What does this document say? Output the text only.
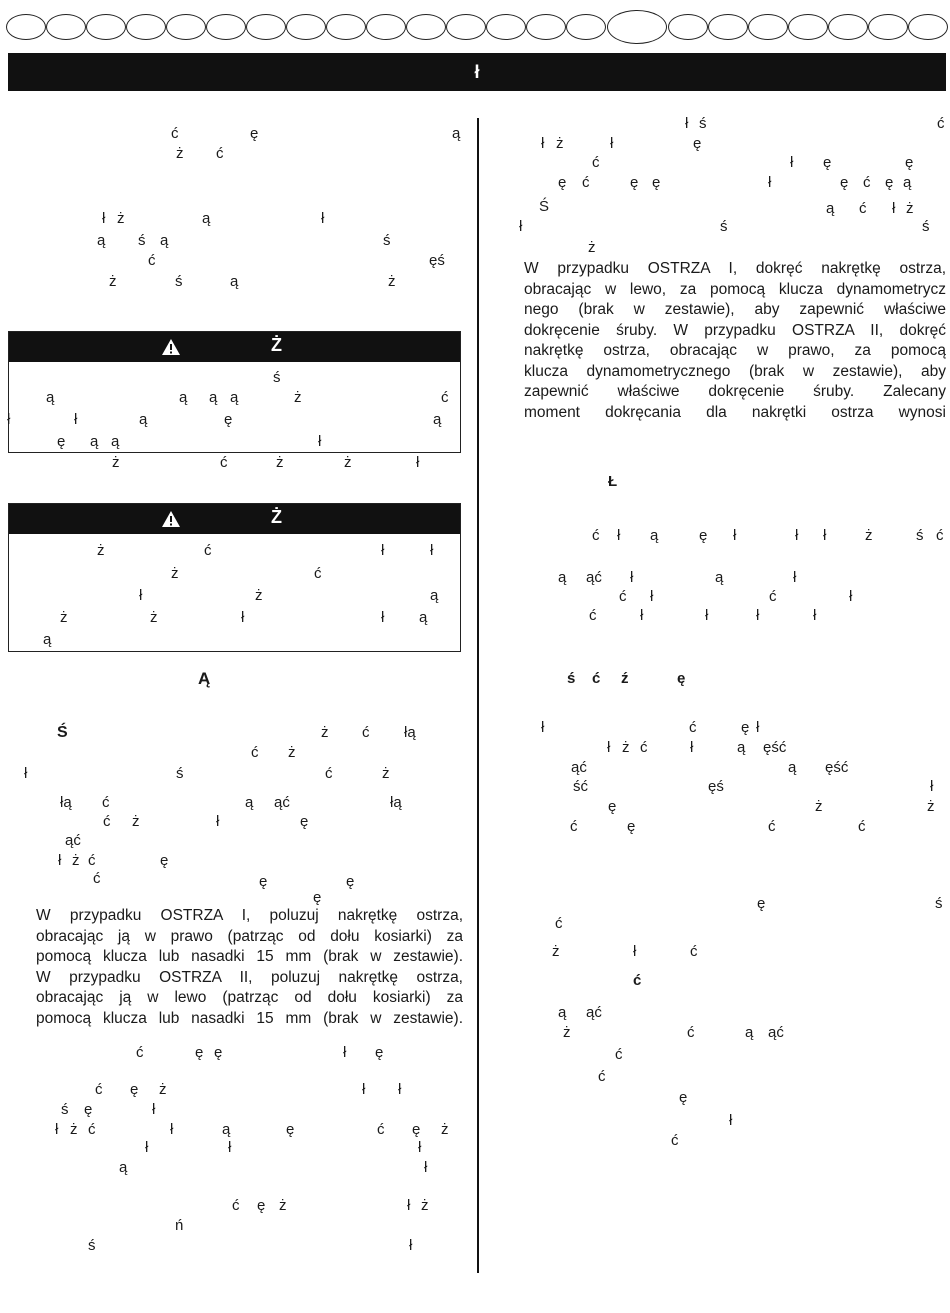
ł
ć	ę	ą
ż ć
ł ż	ą	ł
ą ś ą	ś
ć	ęś
ż	ś	ą	ż
Ż
ś
ą	ą ą ą	ż	ć
ł	ł	ą	ę	ą
ę ą ą	ł
ż	ć	ż	ż	ł
Ż
ż	ć	ł	ł
ż	ć
ł	ż	ą
ż	ż	ł	ł ą
ą
Ą
Ś	ż ć łą
ć ż
ł	ś	ć	ż
łą ć	ą ąć	łą
ć ż	ł	ę
ąć
ł ż ć	ę
ć	ę	ę
ę
W przypadku OSTRZA I, poluzuj nakrętkę ostrza,
obracając ją w prawo (patrząc od dołu kosiarki) za
pomocą klucza lub nasadki 15 mm (brak w zestawie).
W przypadku OSTRZA II, poluzuj nakrętkę ostrza,
obracając ją w lewo (patrząc od dołu kosiarki) za
pomocą klucza lub nasadki 15 mm (brak w zestawie).
ć	ę ę	ł ę
ć ę ż	ł ł
ś ę	ł
ł ż ć	ł	ą	ę	ć ę ż
ł	ł	ł
ą	ł
ć ę ż	ł ż
ń
ś	ł
ł ś	ć
ł ż	ł	ę
ć	ł ę	ę
ę ć	ę ę	ł	ę ć ę ą
Ś	ą ć ł ż
ł	ś	ś
ż
W przypadku OSTRZA I, dokręć nakrętkę ostrza,
obracając w lewo, za pomocą klucza dynamometrycz
nego (brak w zestawie), aby zapewnić właściwe
dokręcenie śruby. W przypadku OSTRZA II, dokręć
nakrętkę ostrza, obracając w prawo, za pomocą
klucza dynamometrycznego (brak w zestawie), aby
zapewnić właściwe dokręcenie śruby. Zalecany
moment dokręcania dla nakrętki ostrza wynosi
Ł
ć ł ą	ę ł	ł ł	ż	ś ć
ą ąć ł	ą	ł
ć ł	ć	ł
ć	ł	ł	ł	ł
ś ć ź	ę
ł	ć	ę ł
ł ż ć	ł	ą ęść
ąć	ą ęść
ść	ęś	ł
ę	ż	ż
ć	ę	ć	ć
ę	ś
ć
ż	ł	ć
ć
ą ąć
ż	ć	ą ąć
ć
ć
ę
ł
ć
